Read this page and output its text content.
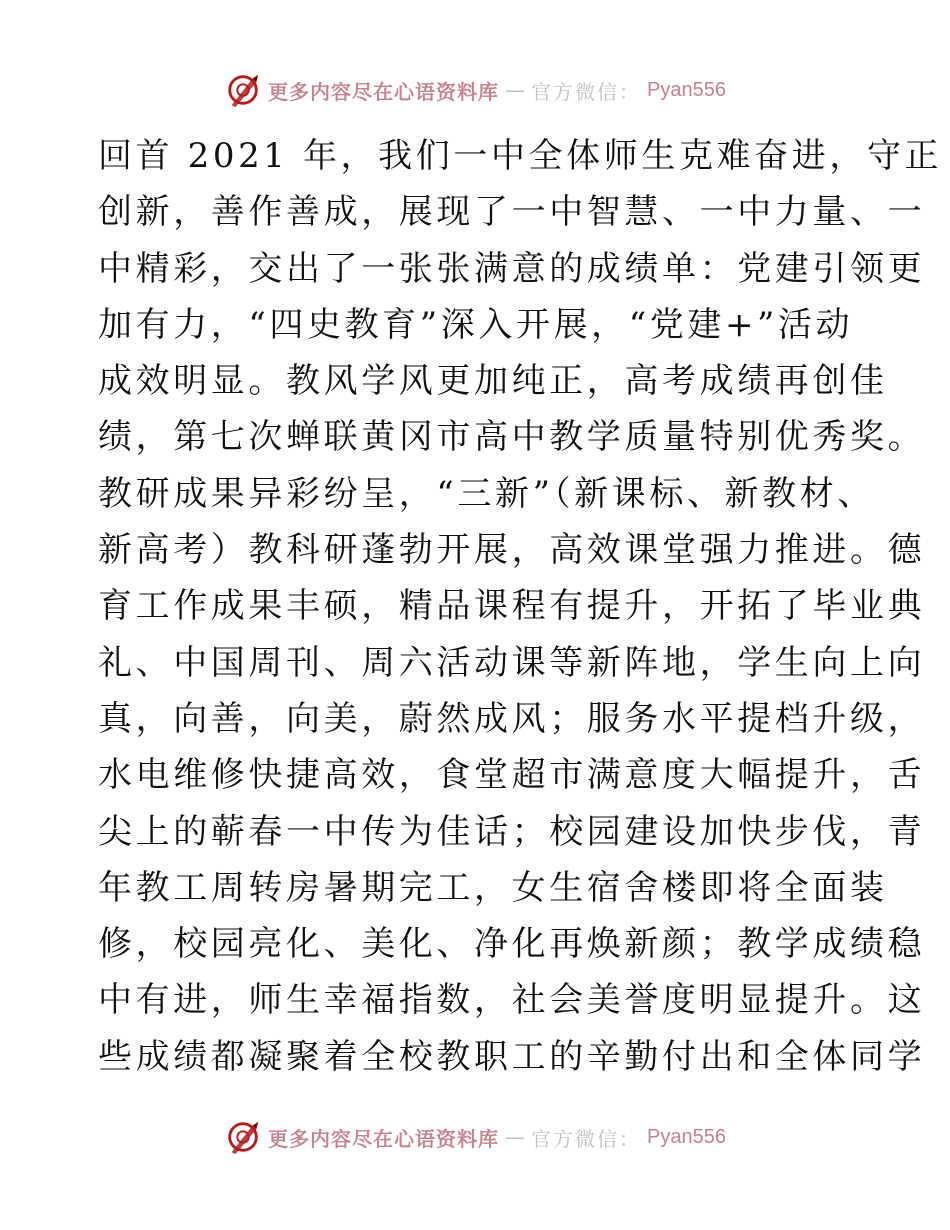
更多内容尽在心语资料库 — 官方微信： Pyan556
回首 2021 年，我们一中全体师生克难奋进，守正
创新，善作善成，展现了一中智慧、一中力量、一
中精彩，交出了一张张满意的成绩单：党建引领更
加有力，“四史教育”深入开展，“党建+”活动
成效明显。教风学风更加纯正，高考成绩再创佳
绩，第七次蝉联黄冈市高中教学质量特别优秀奖。
教研成果异彩纷呈，“三新”（新课标、新教材、
新高考）教科研蓬勃开展，高效课堂强力推进。德
育工作成果丰硕，精品课程有提升，开拓了毕业典
礼、中国周刊、周六活动课等新阵地，学生向上向
真，向善，向美，蔚然成风；服务水平提档升级，
水电维修快捷高效，食堂超市满意度大幅提升，舌
尖上的蕲春一中传为佳话；校园建设加快步伐，青
年教工周转房暑期完工，女生宿舍楼即将全面装
修，校园亮化、美化、净化再焕新颜；教学成绩稳
中有进，师生幸福指数，社会美誉度明显提升。这
些成绩都凝聚着全校教职工的辛勤付出和全体同学
更多内容尽在心语资料库 — 官方微信： Pyan556
